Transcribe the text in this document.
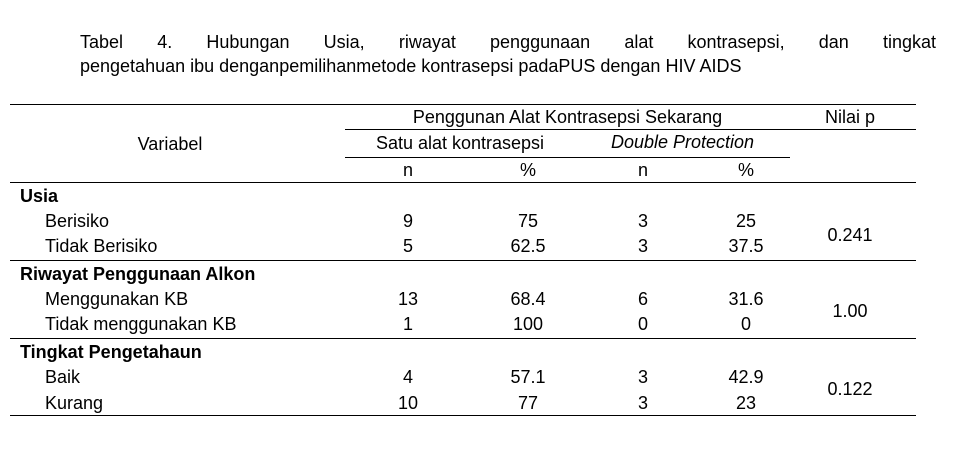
Tabel 4. Hubungan Usia, riwayat penggunaan alat kontrasepsi, dan tingkat
pengetahuan ibu denganpemilihanmetode kontrasepsi padaPUS dengan HIV AIDS
Variabel
Penggunan Alat Kontrasepsi Sekarang	Nilai p
Satu alat kontrasepsi	Double Protection
n	%	n	%
Usia
Berisiko	9	75	3	25
Tidak Berisiko	5	62.5	3	37.5
0.241
Riwayat Penggunaan Alkon
Menggunakan KB	13	68.4	6	31.6
Tidak menggunakan KB	1	100	0	0
1.00
Tingkat Pengetahaun
Baik	4	57.1	3	42.9
Kurang	10	77	3	23
0.122
